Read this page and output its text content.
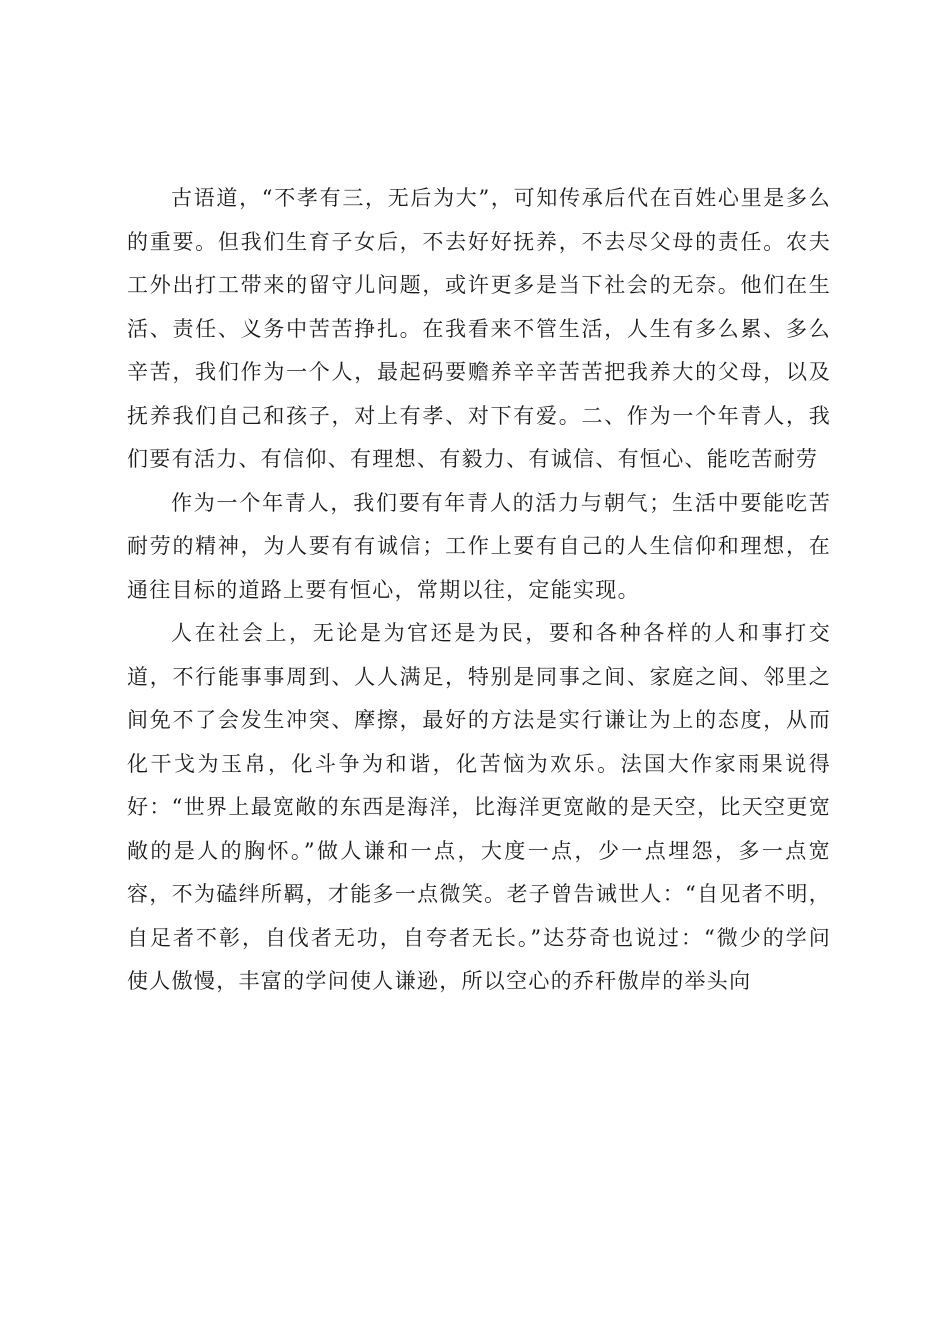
古语道，“不孝有三，无后为大”，可知传承后代在百姓心里是多么的重要。但我们生育子女后，不去好好抚养，不去尽父母的责任。农夫工外出打工带来的留守儿问题，或许更多是当下社会的无奈。他们在生活、责任、义务中苦苦挣扎。在我看来不管生活，人生有多么累、多么辛苦，我们作为一个人，最起码要赡养辛辛苦苦把我养大的父母，以及抚养我们自己和孩子，对上有孝、对下有爱。二、作为一个年青人，我们要有活力、有信仰、有理想、有毅力、有诚信、有恒心、能吃苦耐劳

作为一个年青人，我们要有年青人的活力与朝气；生活中要能吃苦耐劳的精神，为人要有有诚信；工作上要有自己的人生信仰和理想，在通往目标的道路上要有恒心，常期以往，定能实现。

人在社会上，无论是为官还是为民，要和各种各样的人和事打交道，不行能事事周到、人人满足，特别是同事之间、家庭之间、邻里之间免不了会发生冲突、摩擦，最好的方法是实行谦让为上的态度，从而化干戈为玉帛，化斗争为和谐，化苦恼为欢乐。法国大作家雨果说得好：“世界上最宽敞的东西是海洋，比海洋更宽敞的是天空，比天空更宽敞的是人的胸怀。”做人谦和一点，大度一点，少一点埋怨，多一点宽容，不为磕绊所羁，才能多一点微笑。老子曾告诫世人：“自见者不明，自足者不彰，自伐者无功，自夸者无长。”达芬奇也说过：“微少的学问使人傲慢，丰富的学问使人谦逊，所以空心的乔秆傲岸的举头向
